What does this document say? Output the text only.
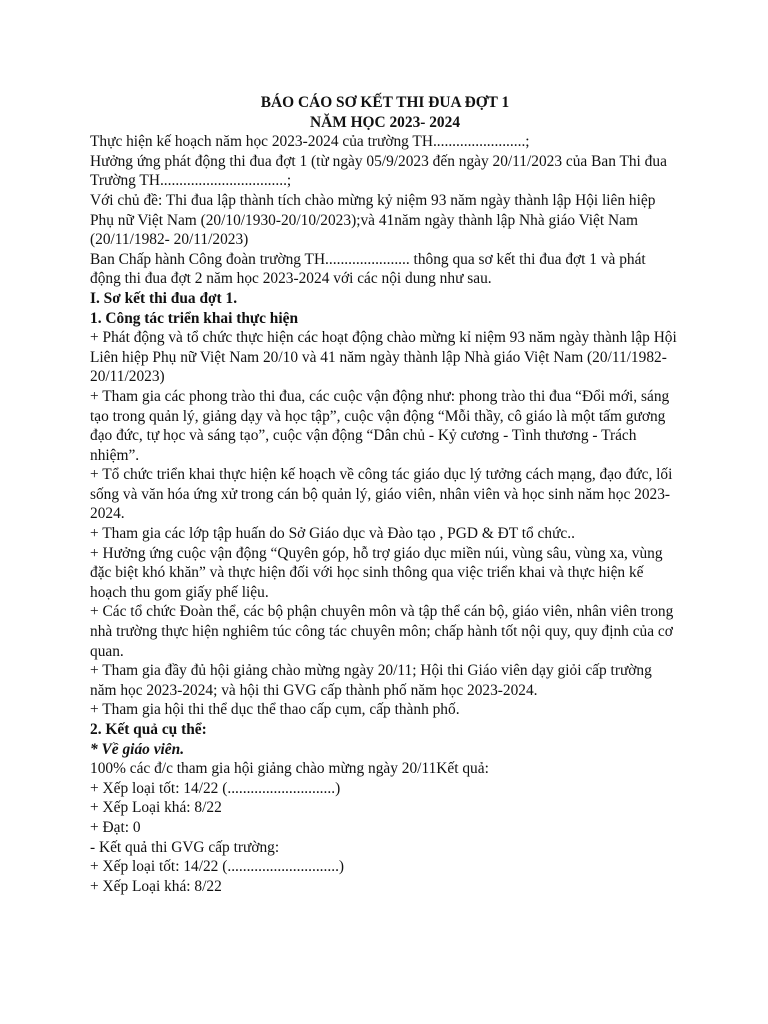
BÁO CÁO SƠ KẾT THI ĐUA ĐỢT 1

NĂM HỌC 2023- 2024

Thực hiện kế hoạch năm học 2023-2024 của trường TH........................;

Hưởng ứng phát động thi đua đợt 1 (từ ngày 05/9/2023 đến ngày 20/11/2023 của Ban Thi đua Trường TH.................................;

Với chủ đề: Thi đua lập thành tích chào mừng kỷ niệm 93 năm ngày thành lập Hội liên hiệp Phụ nữ Việt Nam (20/10/1930-20/10/2023);và 41năm ngày thành lập Nhà giáo Việt Nam (20/11/1982- 20/11/2023)

Ban Chấp hành Công đoàn trường TH...................... thông qua sơ kết thi đua đợt 1 và phát động thi đua đợt 2 năm học 2023-2024 với các nội dung như sau.

I. Sơ kết thi đua đợt 1.

1. Công tác triển khai thực hiện

+ Phát động và tổ chức thực hiện các hoạt động chào mừng kỉ niệm 93 năm ngày thành lập Hội Liên hiệp Phụ nữ Việt Nam 20/10 và 41 năm ngày thành lập Nhà giáo Việt Nam (20/11/1982- 20/11/2023)

+ Tham gia các phong trào thi đua, các cuộc vận động như: phong trào thi đua “Đổi mới, sáng tạo trong quản lý, giảng dạy và học tập”, cuộc vận động “Mỗi thầy, cô giáo là một tấm gương đạo đức, tự học và sáng tạo”, cuộc vận động “Dân chủ - Kỷ cương - Tình thương - Trách nhiệm”.

+ Tổ chức triển khai thực hiện kế hoạch về công tác giáo dục lý tưởng cách mạng, đạo đức, lối sống và văn hóa ứng xử trong cán bộ quản lý, giáo viên, nhân viên và học sinh năm học 2023-2024.

+ Tham gia các lớp tập huấn do Sở Giáo dục và Đào tạo , PGD & ĐT tổ chức..

+ Hưởng ứng cuộc vận động “Quyên góp, hỗ trợ giáo dục miền núi, vùng sâu, vùng xa, vùng đặc biệt khó khăn” và thực hiện đối với học sinh thông qua việc triển khai và thực hiện kế hoạch thu gom giấy phế liệu.

+ Các tổ chức Đoàn thể, các bộ phận chuyên môn và tập thể cán bộ, giáo viên, nhân viên trong nhà trường thực hiện nghiêm túc công tác chuyên môn; chấp hành tốt nội quy, quy định của cơ quan.

+ Tham gia đầy đủ hội giảng chào mừng ngày 20/11; Hội thi Giáo viên dạy giỏi cấp trường năm học 2023-2024; và hội thi GVG cấp thành phố năm học 2023-2024.

+ Tham gia hội thi thể dục thể thao cấp cụm, cấp thành phố.

2. Kết quả cụ thể:

* Về giáo viên.

100% các đ/c tham gia hội giảng chào mừng ngày 20/11Kết quả:

+ Xếp loại tốt: 14/22 (............................)

+ Xếp Loại khá: 8/22

+ Đạt: 0

- Kết quả thi GVG cấp trường:

+ Xếp loại tốt: 14/22 (.............................)

+ Xếp Loại khá: 8/22
